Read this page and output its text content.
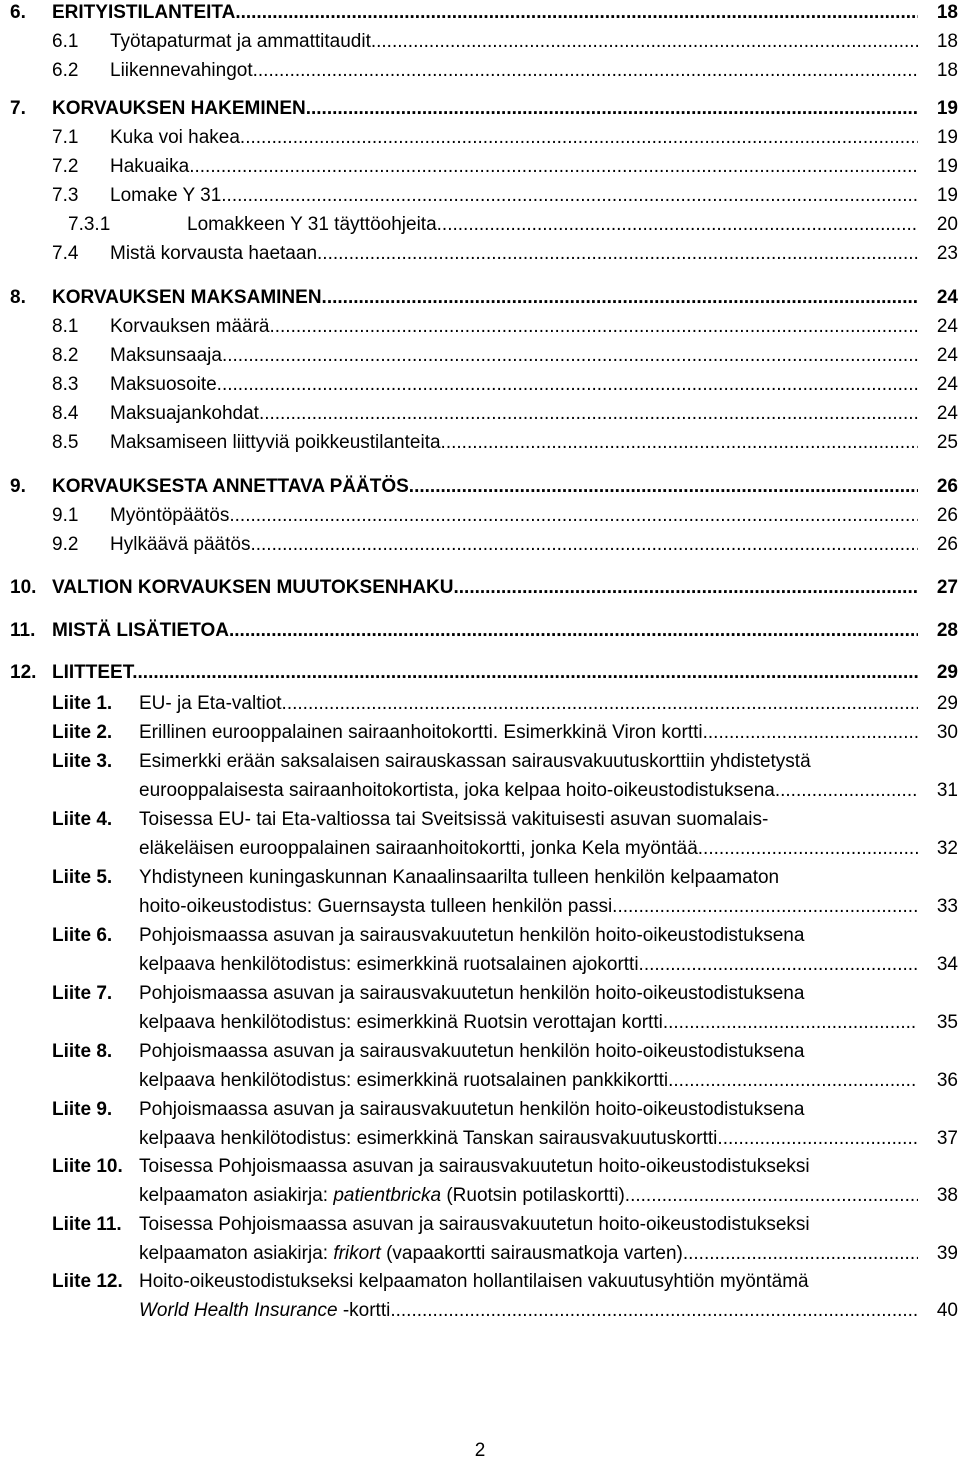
6. ERITYISTILANTEITA .....	18
6.1 Työtapaturmat ja ammattitaudit .....	18
6.2 Liikennevahingot .....	18
7. KORVAUKSEN HAKEMINEN .....	19
7.1 Kuka voi hakea .....	19
7.2 Hakuaika .....	19
7.3 Lomake Y 31 .....	19
7.3.1	Lomakkeen Y 31 täyttöohjeita .....	20
7.4 Mistä korvausta haetaan .....	23
8. KORVAUKSEN MAKSAMINEN .....	24
8.1 Korvauksen määrä .....	24
8.2 Maksunsaaja .....	24
8.3 Maksuosoite .....	24
8.4 Maksuajankohdat .....	24
8.5 Maksamiseen liittyviä poikkeustilanteita .....	25
9. KORVAUKSESTA ANNETTAVA PÄÄTÖS .....	26
9.1 Myöntöpäätös .....	26
9.2 Hylkäävä päätös .....	26
10. VALTION KORVAUKSEN MUUTOKSENHAKU .....	27
11. MISTÄ LISÄTIETOA .....	28
12. LIITTEET .....	29
Liite 1. EU- ja Eta-valtiot. .....	29
Liite 2. Erillinen eurooppalainen sairaanhoitokortti. Esimerkkinä Viron kortti .....	30
Liite 3. Esimerkki erään saksalaisen sairauskassan sairausvakuutuskorttiin yhdistetystä
eurooppalaisesta sairaanhoitokortista, joka kelpaa hoito-oikeustodistuksena .....	31
Liite 4. Toisessa EU- tai Eta-valtiossa tai Sveitsissä vakituisesti asuvan suomalais-
eläkeläisen eurooppalainen sairaanhoitokortti, jonka Kela myöntää. .....	32
Liite 5. Yhdistyneen kuningaskunnan Kanaalinsaarilta tulleen henkilön kelpaamaton
hoito-oikeustodistus: Guernsaysta tulleen henkilön passi. .....	33
Liite 6. Pohjoismaassa asuvan ja sairausvakuutetun henkilön hoito-oikeustodistuksena
kelpaava henkilötodistus: esimerkkinä ruotsalainen ajokortti. .....	34
Liite 7. Pohjoismaassa asuvan ja sairausvakuutetun henkilön hoito-oikeustodistuksena
kelpaava henkilötodistus: esimerkkinä Ruotsin verottajan kortti. .....	35
Liite 8. Pohjoismaassa asuvan ja sairausvakuutetun henkilön hoito-oikeustodistuksena
kelpaava henkilötodistus: esimerkkinä ruotsalainen pankkikortti. .....	36
Liite 9. Pohjoismaassa asuvan ja sairausvakuutetun henkilön hoito-oikeustodistuksena
kelpaava henkilötodistus: esimerkkinä Tanskan sairausvakuutuskortti. .....	37
Liite 10. Toisessa Pohjoismaassa asuvan ja sairausvakuutetun hoito-oikeustodistukseksi
kelpaamaton asiakirja: patientbricka (Ruotsin potilaskortti). .....	38
Liite 11. Toisessa Pohjoismaassa asuvan ja sairausvakuutetun hoito-oikeustodistukseksi
kelpaamaton asiakirja: frikort (vapaakortti sairausmatkoja varten). .....	39
Liite 12. Hoito-oikeustodistukseksi kelpaamaton hollantilaisen vakuutusyhtiön myöntämä
World Health Insurance -kortti. .....	40
2
